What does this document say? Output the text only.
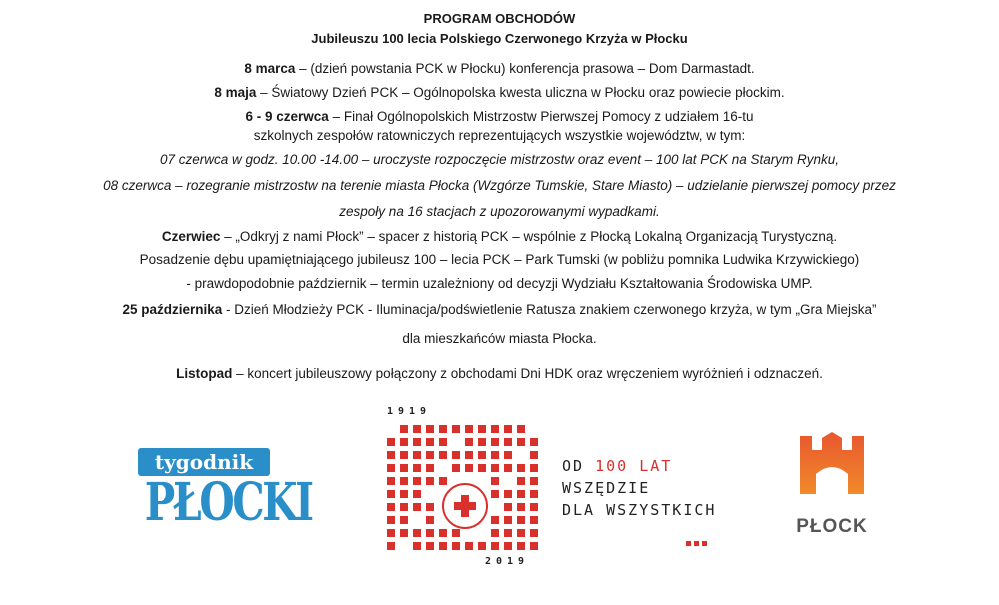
PROGRAM OBCHODÓW
Jubileuszu 100 lecia Polskiego Czerwonego Krzyża w Płocku
8 marca – (dzień powstania PCK w Płocku) konferencja prasowa – Dom Darmastadt.
8 maja – Światowy Dzień PCK – Ogólnopolska kwesta uliczna w Płocku oraz powiecie płockim.
6 - 9 czerwca – Finał Ogólnopolskich Mistrzostw Pierwszej Pomocy z udziałem 16-tu
szkolnych zespołów ratowniczych reprezentujących wszystkie województw, w tym:
07 czerwca w godz. 10.00 -14.00 – uroczyste rozpoczęcie mistrzostw oraz event – 100 lat PCK na Starym Rynku,
08 czerwca – rozegranie mistrzostw na terenie miasta Płocka (Wzgórze Tumskie, Stare Miasto) – udzielanie pierwszej pomocy przez
zespoły na 16 stacjach z upozorowanymi wypadkami.
Czerwiec – „Odkryj z nami Płock” – spacer z historią PCK – wspólnie z Płocką Lokalną Organizacją Turystyczną.
Posadzenie dębu upamiętniającego jubileusz 100 – lecia PCK – Park Tumski (w pobliżu pomnika Ludwika Krzywickiego)
- prawdopodobnie październik – termin uzależniony od decyzji Wydziału Kształtowania Środowiska UMP.
25 października - Dzień Młodzieży PCK - Iluminacja/podświetlenie Ratusza znakiem czerwonego krzyża, w tym „Gra Miejska”
dla mieszkańców miasta Płocka.
Listopad – koncert jubileuszowy połączony z obchodami Dni HDK oraz wręczeniem wyróżnień i odznaczeń.
tygodnik
PŁOCKI
1919
2019
OD 100 LAT
WSZĘDZIE
DLA WSZYSTKICH
PŁOCK
